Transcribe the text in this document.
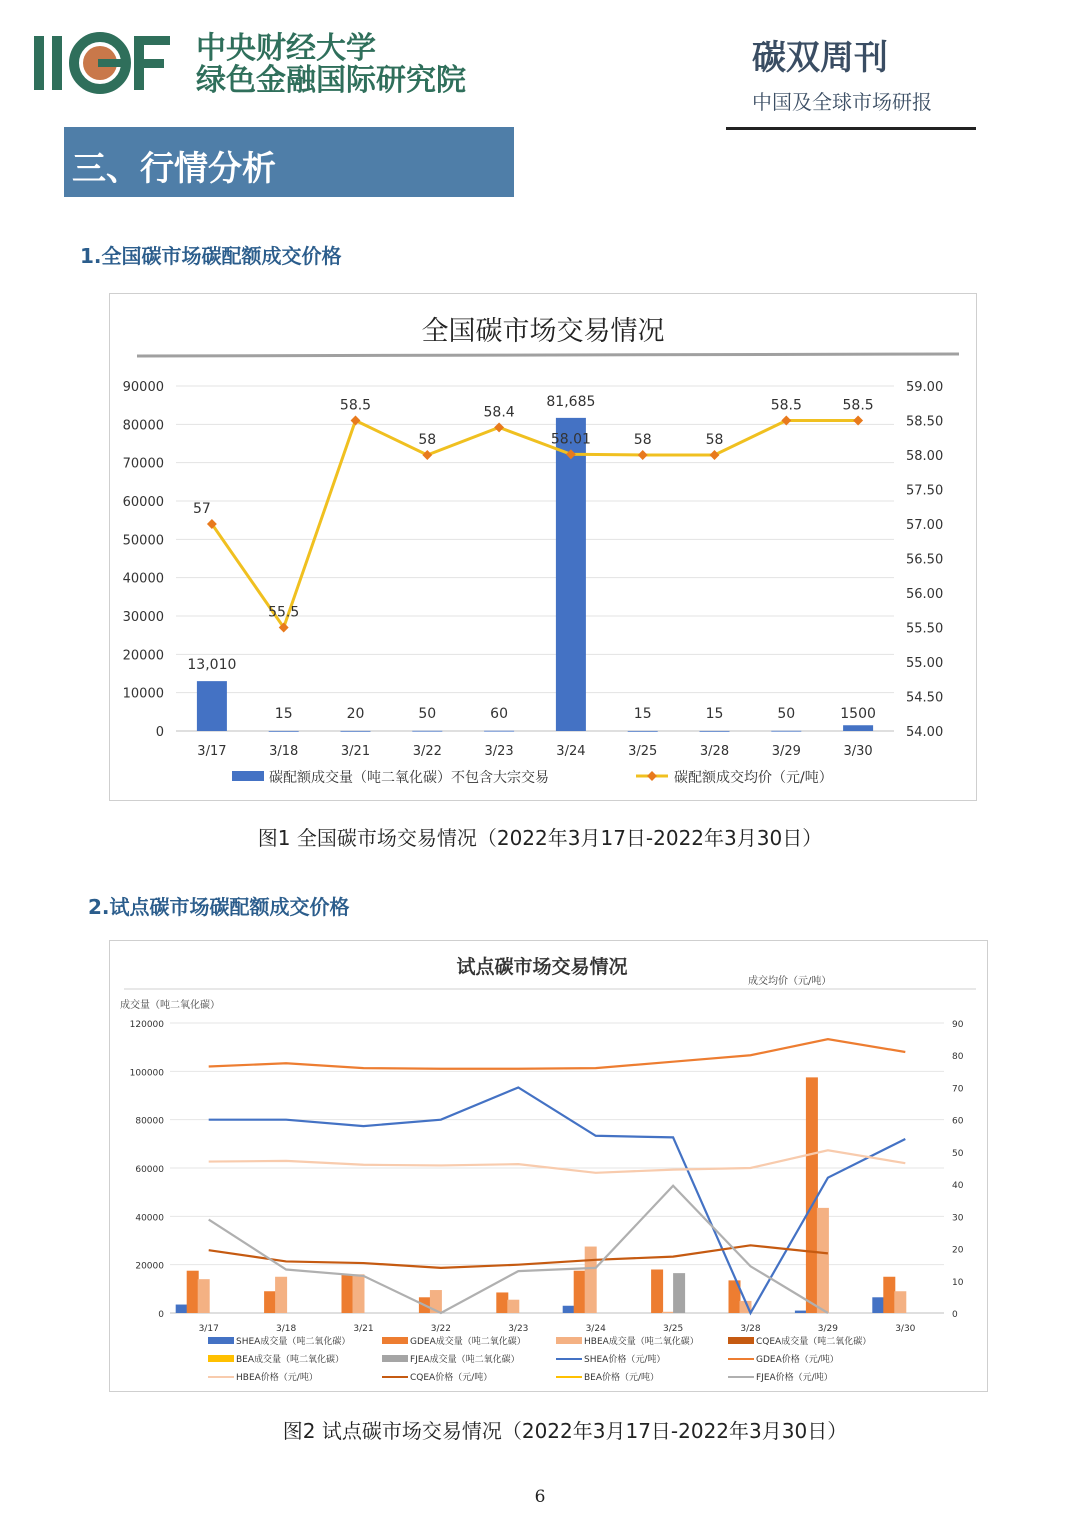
中央财经大学
绿色金融国际研究院
碳双周刊
中国及全球市场研报
三、行情分析
1.全国碳市场碳配额成交价格
全国碳市场交易情况
0
10000
20000
30000
40000
50000
60000
70000
80000
90000
54.00
54.50
55.00
55.50
56.00
56.50
57.00
57.50
58.00
58.50
59.00
13,010
15	20	50	60
81,685
15	15	50	1500
3/17	3/18	3/21	3/22	3/23	3/24	3/25	3/28	3/29	3/30
57
55.5
58.5
58
58.4
58.01	58	58
58.5	58.5
碳配额成交量（吨二氧化碳）不包含大宗交易	碳配额成交均价（元/吨）
图1 全国碳市场交易情况（2022年3月17日-2022年3月30日）
2.试点碳市场碳配额成交价格
试点碳市场交易情况
成交量（吨二氧化碳）
成交均价（元/吨）
0
20000
40000
60000
80000
100000
120000
0
10
20
30
40
50
60
70
80
90
3/17	3/18	3/21	3/22	3/23	3/24	3/25	3/28	3/29	3/30
SHEA成交量（吨二氧化碳）	GDEA成交量（吨二氧化碳）	HBEA成交量（吨二氧化碳）	CQEA成交量（吨二氧化碳）
BEA成交量（吨二氧化碳）	FJEA成交量（吨二氧化碳）	SHEA价格（元/吨）	GDEA价格（元/吨）
HBEA价格（元/吨）	CQEA价格（元/吨）	BEA价格（元/吨）	FJEA价格（元/吨）
图2 试点碳市场交易情况（2022年3月17日-2022年3月30日）
6
